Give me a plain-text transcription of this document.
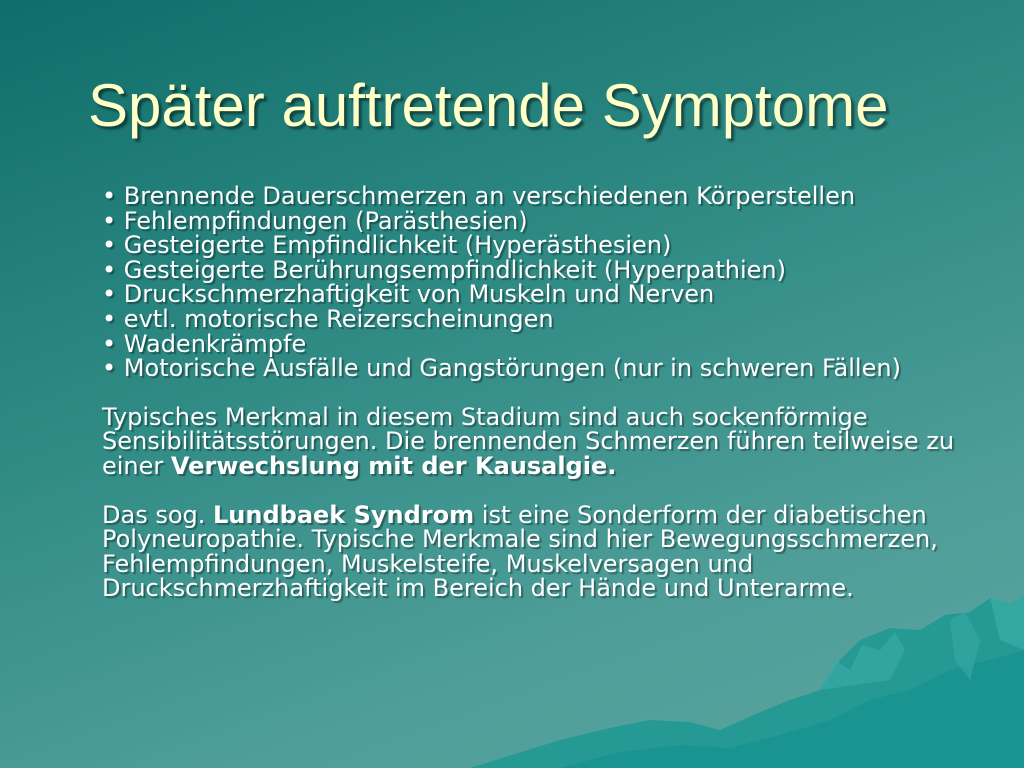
Später auftretende Symptome
• Brennende Dauerschmerzen an verschiedenen Körperstellen
• Fehlempfindungen (Parästhesien)
• Gesteigerte Empfindlichkeit (Hyperästhesien)
• Gesteigerte Berührungsempfindlichkeit (Hyperpathien)
• Druckschmerzhaftigkeit von Muskeln und Nerven
• evtl. motorische Reizerscheinungen
• Wadenkrämpfe
• Motorische Ausfälle und Gangstörungen (nur in schweren Fällen)

Typisches Merkmal in diesem Stadium sind auch sockenförmige Sensibilitätsstörungen. Die brennenden Schmerzen führen teilweise zu einer Verwechslung mit der Kausalgie.

Das sog. Lundbaek Syndrom ist eine Sonderform der diabetischen Polyneuropathie. Typische Merkmale sind hier Bewegungsschmerzen, Fehlempfindungen, Muskelsteife, Muskelversagen und Druckschmerzhaftigkeit im Bereich der Hände und Unterarme.
